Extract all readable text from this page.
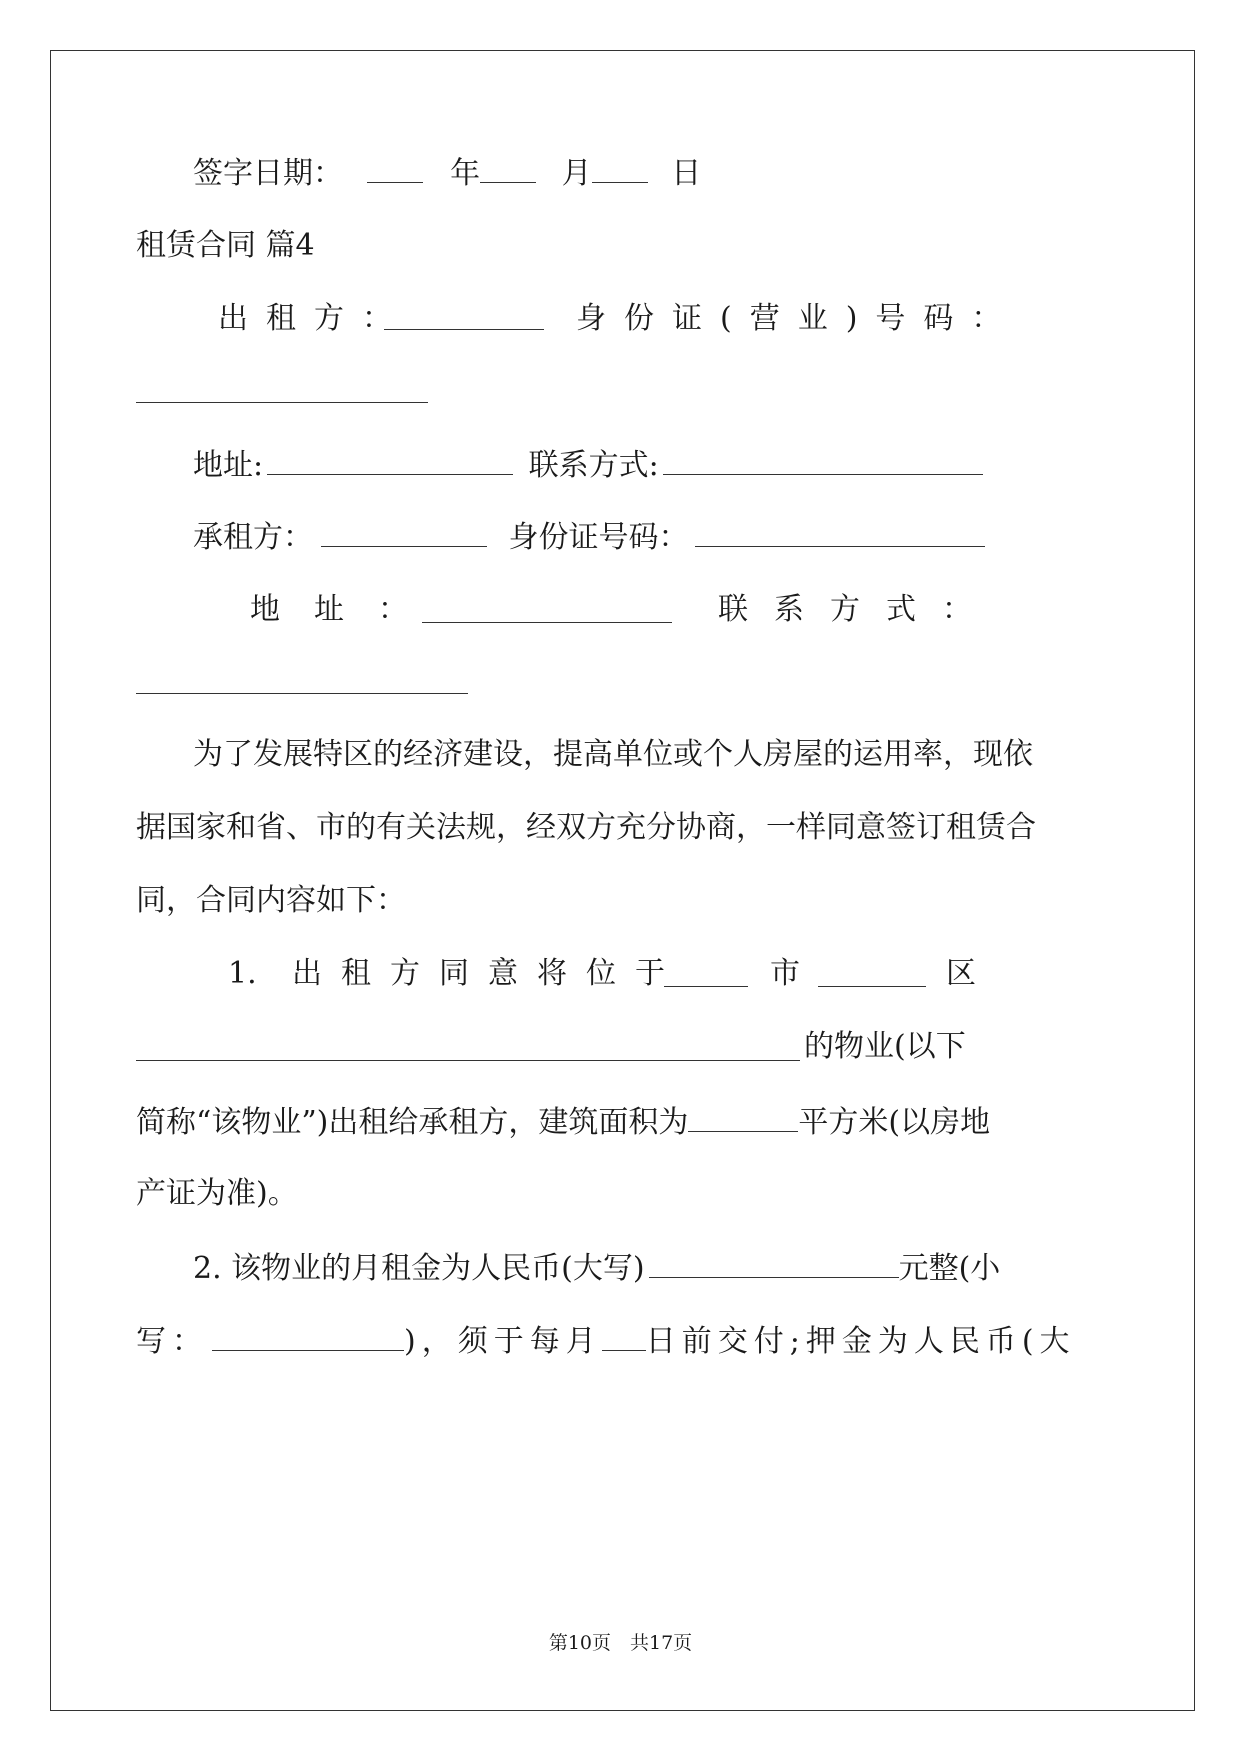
签字日期：	年	月	日
租赁合同 篇4
出租方：	身份证(营业)号码：
地址:	联系方式:
承租方：	身份证号码：
地址：	联系方式：
为了发展特区的经济建设，提高单位或个人房屋的运用率，现依
据国家和省、市的有关法规，经双方充分协商，一样同意签订租赁合
同，合同内容如下：
1. 出租方同意将位于	市	区
的物业(以下
简称“该物业”)出租给承租方，建筑面积为	平方米(以房地
产证为准)。
2. 该物业的月租金为人民币(大写)	元整(小
写：	)，须于每月 日前交付;押金为人民币(大
第10页　共17页
